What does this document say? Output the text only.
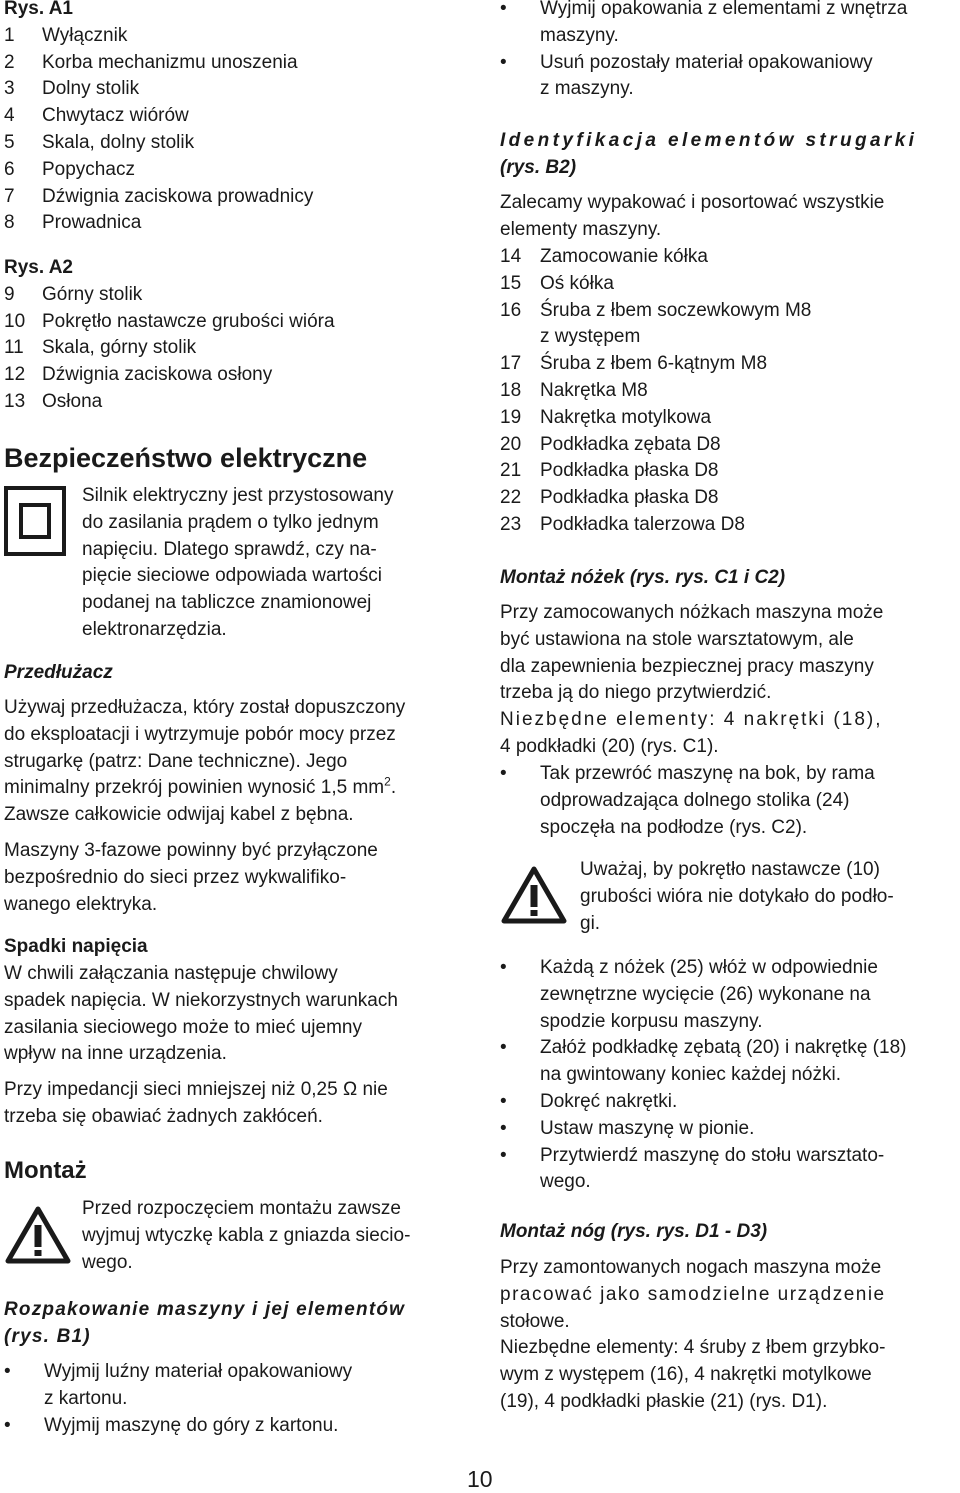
Rys. A1
1	Wyłącznik
2	Korba mechanizmu unoszenia
3	Dolny stolik
4	Chwytacz wiórów
5	Skala, dolny stolik
6	Popychacz
7	Dźwignia zaciskowa prowadnicy
8	Prowadnica
Rys. A2
9	Górny stolik
10 Pokrętło nastawcze grubości wióra
11 Skala, górny stolik
12 Dźwignia zaciskowa osłony
13 Osłona
Bezpieczeństwo elektryczne
Silnik elektryczny jest przystosowany
do zasilania prądem o tylko jednym
napięciu. Dlatego sprawdź, czy na-
pięcie sieciowe odpowiada wartości
podanej na tabliczce znamionowej
elektronarzędzia.
Przedłużacz
Używaj przedłużacza, który został dopuszczony
do eksploatacji i wytrzymuje pobór mocy przez
strugarkę (patrz: Dane techniczne). Jego
minimalny przekrój powinien wynosić 1,5 $mm^2$.
Zawsze całkowicie odwijaj kabel z bębna.
Maszyny 3-fazowe powinny być przyłączone
bezpośrednio do sieci przez wykwalifiko-
wanego elektryka.
Spadki napięcia
W chwili załączania następuje chwilowy
spadek napięcia. W niekorzystnych warunkach
zasilania sieciowego może to mieć ujemny
wpływ na inne urządzenia.
Przy impedancji sieci mniejszej niż 0,25 Ω nie
trzeba się obawiać żadnych zakłóceń.
Montaż
Przed rozpoczęciem montażu zawsze
wyjmuj wtyczkę kabla z gniazda siecio-
wego.
Rozpakowanie maszyny i jej elementów
(rys. B1)
•	Wyjmij luźny materiał opakowaniowy
z kartonu.
•	Wyjmij maszynę do góry z kartonu.
•	Wyjmij opakowania z elementami z wnętrza
maszyny.
•	Usuń pozostały materiał opakowaniowy
z maszyny.
Identyfikacja elementów strugarki
(rys. B2)
Zalecamy wypakować i posortować wszystkie
elementy maszyny.
14 Zamocowanie kółka
15 Oś kółka
16 Śruba z łbem soczewkowym M8
z występem
17 Śruba z łbem 6-kątnym M8
18 Nakrętka M8
19 Nakrętka motylkowa
20 Podkładka zębata D8
21 Podkładka płaska D8
22 Podkładka płaska D8
23 Podkładka talerzowa D8
Montaż nóżek (rys. rys. C1 i C2)
Przy zamocowanych nóżkach maszyna może
być ustawiona na stole warsztatowym, ale
dla zapewnienia bezpiecznej pracy maszyny
trzeba ją do niego przytwierdzić.
Niezbędne elementy: 4 nakrętki (18),
4 podkładki (20) (rys. C1).
•	Tak przewróć maszynę na bok, by rama
odprowadzająca dolnego stolika (24)
spoczęła na podłodze (rys. C2).
Uważaj, by pokrętło nastawcze (10)
grubości wióra nie dotykało do podło-
gi.
•	Każdą z nóżek (25) włóż w odpowiednie
zewnętrzne wycięcie (26) wykonane na
spodzie korpusu maszyny.
•	Załóż podkładkę zębatą (20) i nakrętkę (18)
na gwintowany koniec każdej nóżki.
•	Dokręć nakrętki.
•	Ustaw maszynę w pionie.
•	Przytwierdź maszynę do stołu warsztato-
wego.
Montaż nóg (rys. rys. D1 - D3)
Przy zamontowanych nogach maszyna może
pracować jako samodzielne urządzenie
stołowe.
Niezbędne elementy: 4 śruby z łbem grzybko-
wym z występem (16), 4 nakrętki motylkowe
(19), 4 podkładki płaskie (21) (rys. D1).
10
